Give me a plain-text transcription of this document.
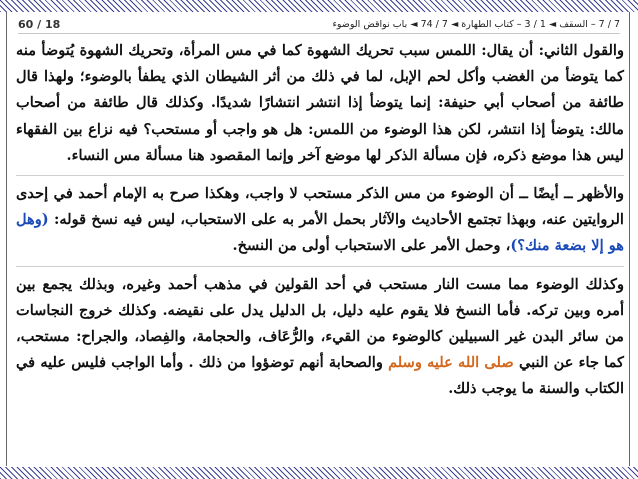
7 / 7 – السقف ◄ 1 / 3 – كتاب الطهارة ◄ 7 / 74 ◄ باب نواقض الوضوء
60 / 18

والقول الثاني: أن يقال: اللمس سبب تحريك الشهوة كما في مس المرأة، وتحريك الشهوة يُتوضأ منه كما يتوضأ من الغضب وأكل لحم الإبل، لما في ذلك من أثر الشيطان الذي يطفأ بالوضوء؛ ولهذا قال طائفة من أصحاب أبي حنيفة: إنما يتوضأ إذا انتشر انتشارًا شديدًا. وكذلك قال طائفة من أصحاب مالك: يتوضأ إذا انتشر، لكن هذا الوضوء من اللمس: هل هو واجب أو مستحب؟ فيه نزاع بين الفقهاء ليس هذا موضع ذكره، فإن مسألة الذكر لها موضع آخر وإنما المقصود هنا مسألة مس النساء.

والأظهر ــ أيضًا ــ أن الوضوء من مس الذكر مستحب لا واجب، وهكذا صرح به الإمام أحمد في إحدى الروايتين عنه، وبهذا تجتمع الأحاديث والآثار بحمل الأمر به على الاستحباب، ليس فيه نسخ قوله: (وهل هو إلا بضعة منك؟)، وحمل الأمر على الاستحباب أولى من النسخ.

وكذلك الوضوء مما مست النار مستحب في أحد القولين في مذهب أحمد وغيره، وبذلك يجمع بين أمره وبين تركه. فأما النسخ فلا يقوم عليه دليل، بل الدليل يدل على نقيضه. وكذلك خروج النجاسات من سائر البدن غير السبيلين كالوضوء من القيء، والرُّعَاف، والحجامة، والفِصاد، والجراح: مستحب، كما جاء عن النبي صلى الله عليه وسلم والصحابة أنهم توضؤوا من ذلك . وأما الواجب فليس عليه في الكتاب والسنة ما يوجب ذلك.
